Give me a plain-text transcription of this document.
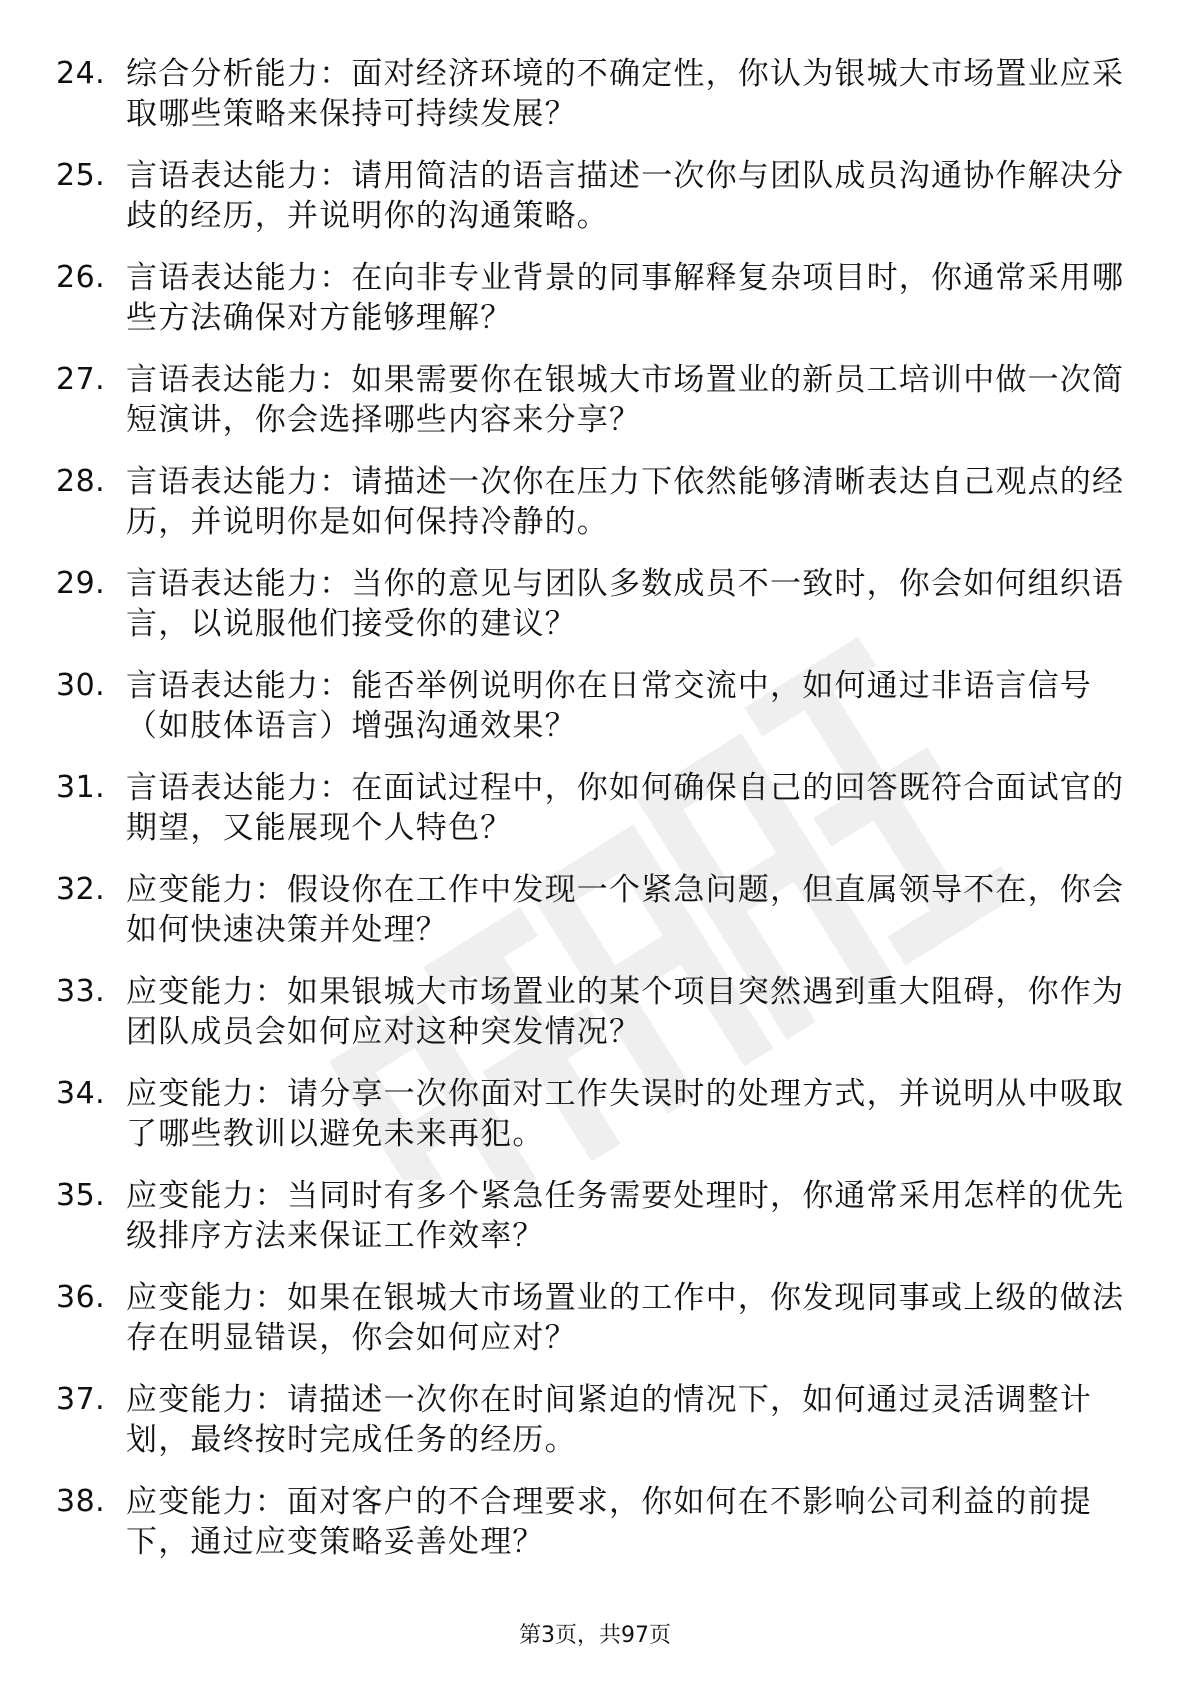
24. 综合分析能力：面对经济环境的不确定性，你认为银城大市场置业应采取哪些策略来保持可持续发展？
25. 言语表达能力：请用简洁的语言描述一次你与团队成员沟通协作解决分歧的经历，并说明你的沟通策略。
26. 言语表达能力：在向非专业背景的同事解释复杂项目时，你通常采用哪些方法确保对方能够理解？
27. 言语表达能力：如果需要你在银城大市场置业的新员工培训中做一次简短演讲，你会选择哪些内容来分享？
28. 言语表达能力：请描述一次你在压力下依然能够清晰表达自己观点的经历，并说明你是如何保持冷静的。
29. 言语表达能力：当你的意见与团队多数成员不一致时，你会如何组织语言，以说服他们接受你的建议？
30. 言语表达能力：能否举例说明你在日常交流中，如何通过非语言信号（如肢体语言）增强沟通效果？
31. 言语表达能力：在面试过程中，你如何确保自己的回答既符合面试官的期望，又能展现个人特色？
32. 应变能力：假设你在工作中发现一个紧急问题，但直属领导不在，你会如何快速决策并处理？
33. 应变能力：如果银城大市场置业的某个项目突然遇到重大阻碍，你作为团队成员会如何应对这种突发情况？
34. 应变能力：请分享一次你面对工作失误时的处理方式，并说明从中吸取了哪些教训以避免未来再犯。
35. 应变能力：当同时有多个紧急任务需要处理时，你通常采用怎样的优先级排序方法来保证工作效率？
36. 应变能力：如果在银城大市场置业的工作中，你发现同事或上级的做法存在明显错误，你会如何应对？
37. 应变能力：请描述一次你在时间紧迫的情况下，如何通过灵活调整计划，最终按时完成任务的经历。
38. 应变能力：面对客户的不合理要求，你如何在不影响公司利益的前提下，通过应变策略妥善处理？
第3页，共97页
